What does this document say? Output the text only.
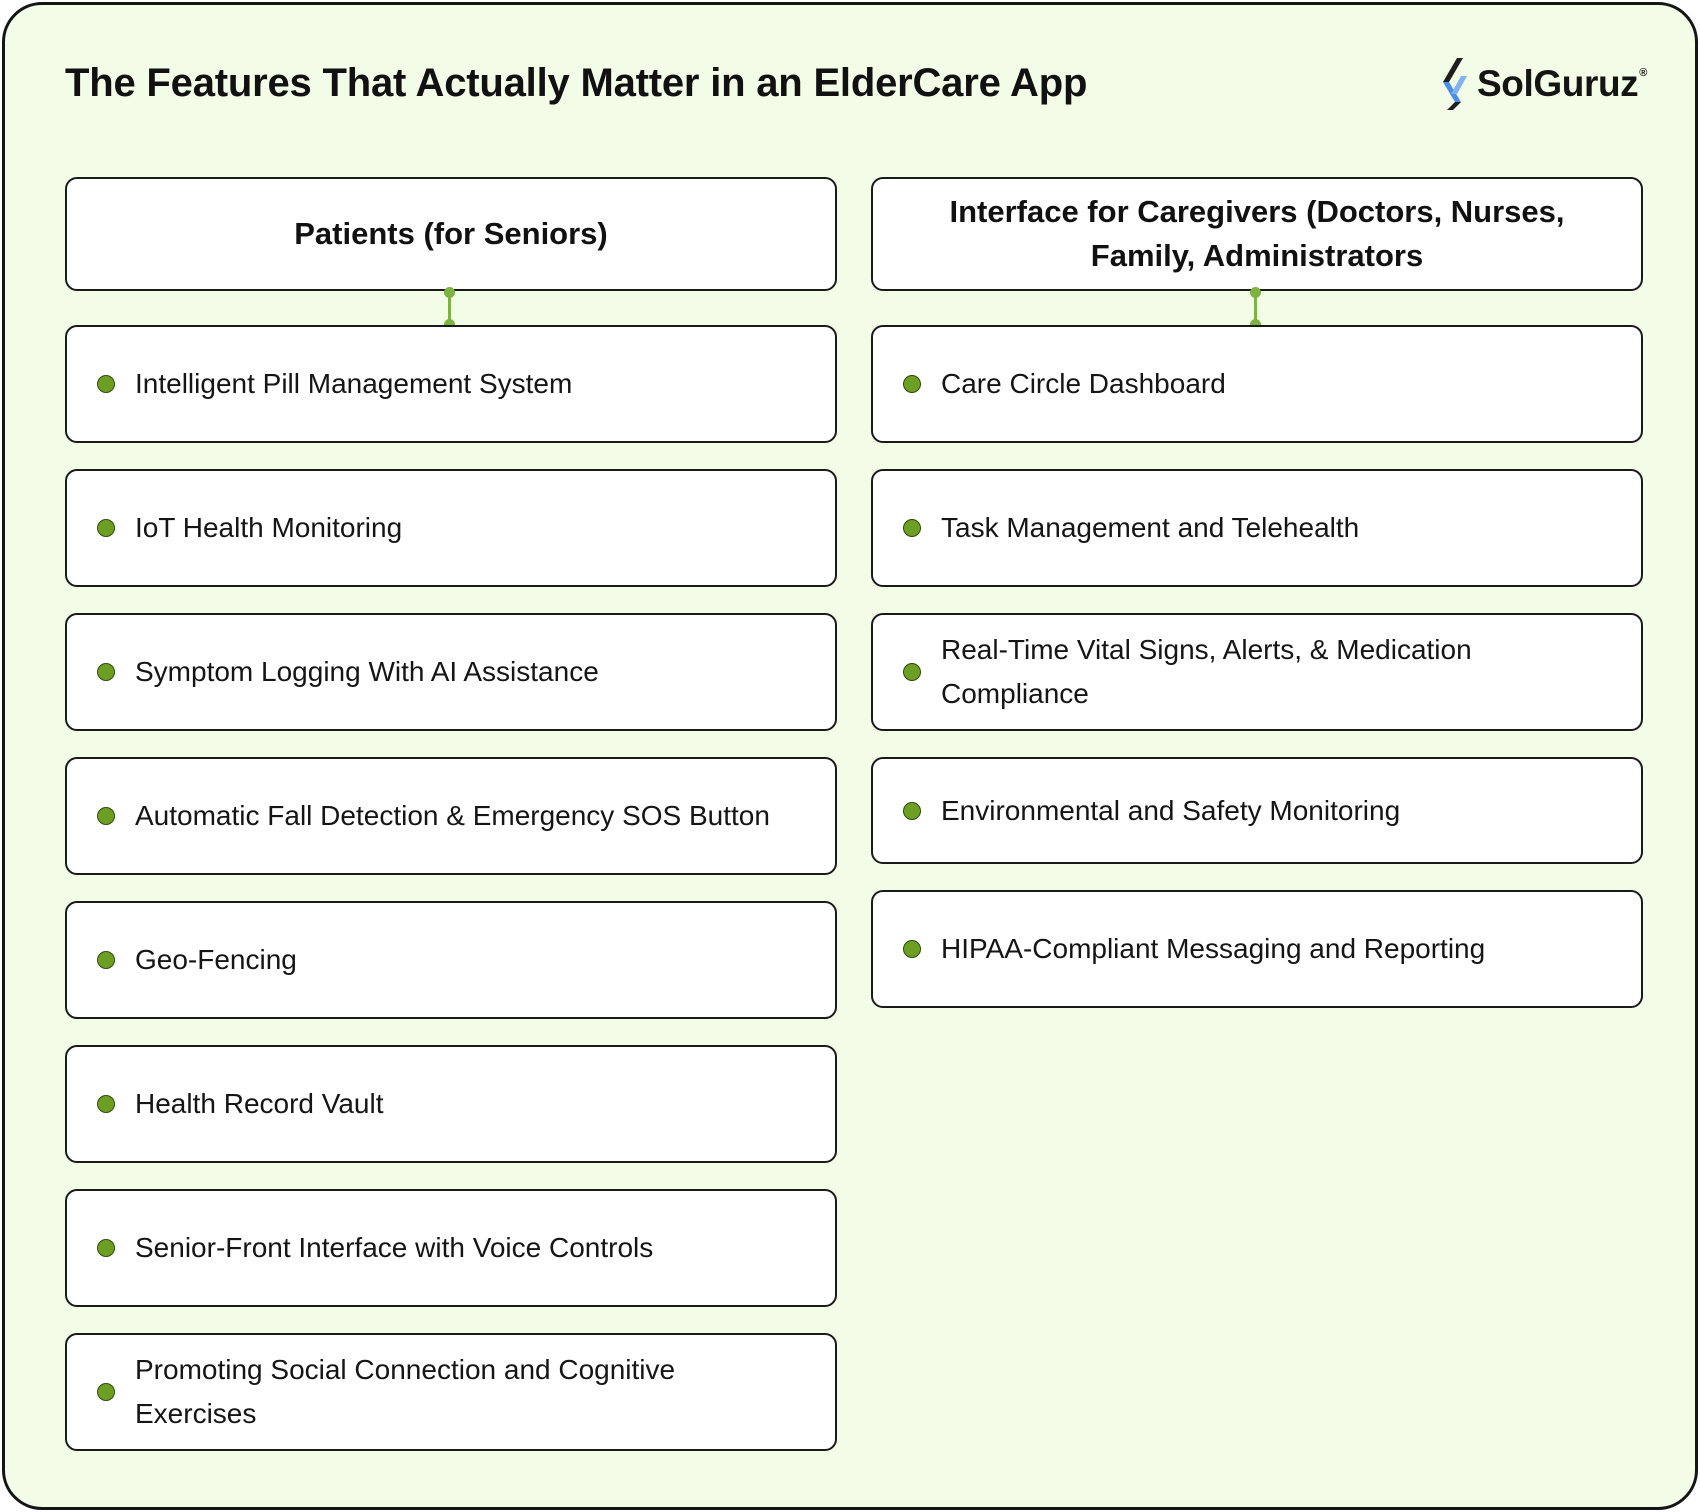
The Features That Actually Matter in an ElderCare App	SolGuruz ®
Patients (for Seniors)
Intelligent Pill Management System
IoT Health Monitoring
Symptom Logging With AI Assistance
Automatic Fall Detection & Emergency SOS Button
Geo-Fencing
Health Record Vault
Senior-Front Interface with Voice Controls
Promoting Social Connection and Cognitive Exercises
Interface for Caregivers (Doctors, Nurses, Family, Administrators
Care Circle Dashboard
Task Management and Telehealth
Real-Time Vital Signs, Alerts, & Medication Compliance
Environmental and Safety Monitoring
HIPAA-Compliant Messaging and Reporting
